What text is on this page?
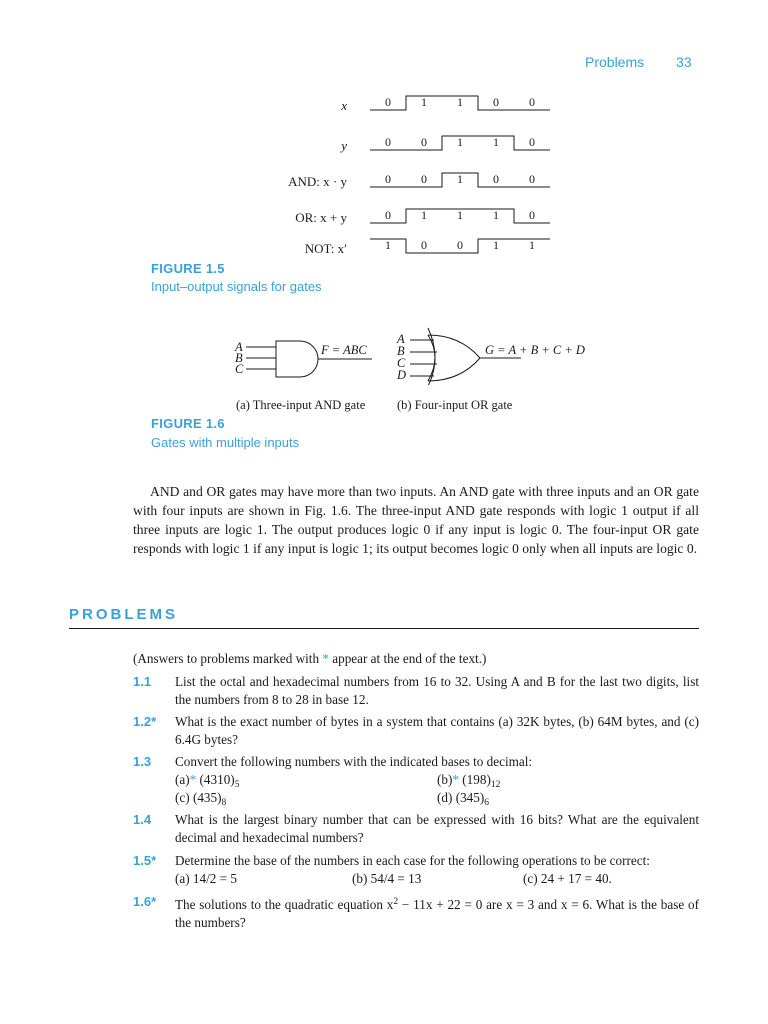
Problems 33
x
y
AND: x · y
OR: x + y
NOT: x′
0	1	1	0	0
0	0	1	1	0
0	0	1	0	0
0	1	1	1	0
1	0	0	1	1
FIGURE 1.5
Input–output signals for gates
A
B
C
F = ABC
(a) Three-input AND gate
A
B
C
D
G = A + B + C + D
(b) Four-input OR gate
FIGURE 1.6
Gates with multiple inputs
AND and OR gates may have more than two inputs. An AND gate with three inputs and an OR gate with four inputs are shown in Fig. 1.6. The three-input AND gate responds with logic 1 output if all three inputs are logic 1. The output produces logic 0 if any input is logic 0. The four-input OR gate responds with logic 1 if any input is logic 1; its output becomes logic 0 only when all inputs are logic 0.
PROBLEMS
(Answers to problems marked with * appear at the end of the text.)
1.1	List the octal and hexadecimal numbers from 16 to 32. Using A and B for the last two digits, list the numbers from 8 to 28 in base 12.
1.2*	What is the exact number of bytes in a system that contains (a) 32K bytes, (b) 64M bytes, and (c) 6.4G bytes?
1.3	Convert the following numbers with the indicated bases to decimal:
(a)* $(4310)_5$	(b)* $(198)_{12}$
(c) $(435)_8$	(d) $(345)_6$
1.4	What is the largest binary number that can be expressed with 16 bits? What are the equivalent decimal and hexadecimal numbers?
1.5*	Determine the base of the numbers in each case for the following operations to be correct:
(a) 14/2 = 5	(b) 54/4 = 13	(c) 24 + 17 = 40.
1.6*	The solutions to the quadratic equation $x^2 - 11x + 22 = 0$ are x = 3 and x = 6. What is the base of the numbers?
